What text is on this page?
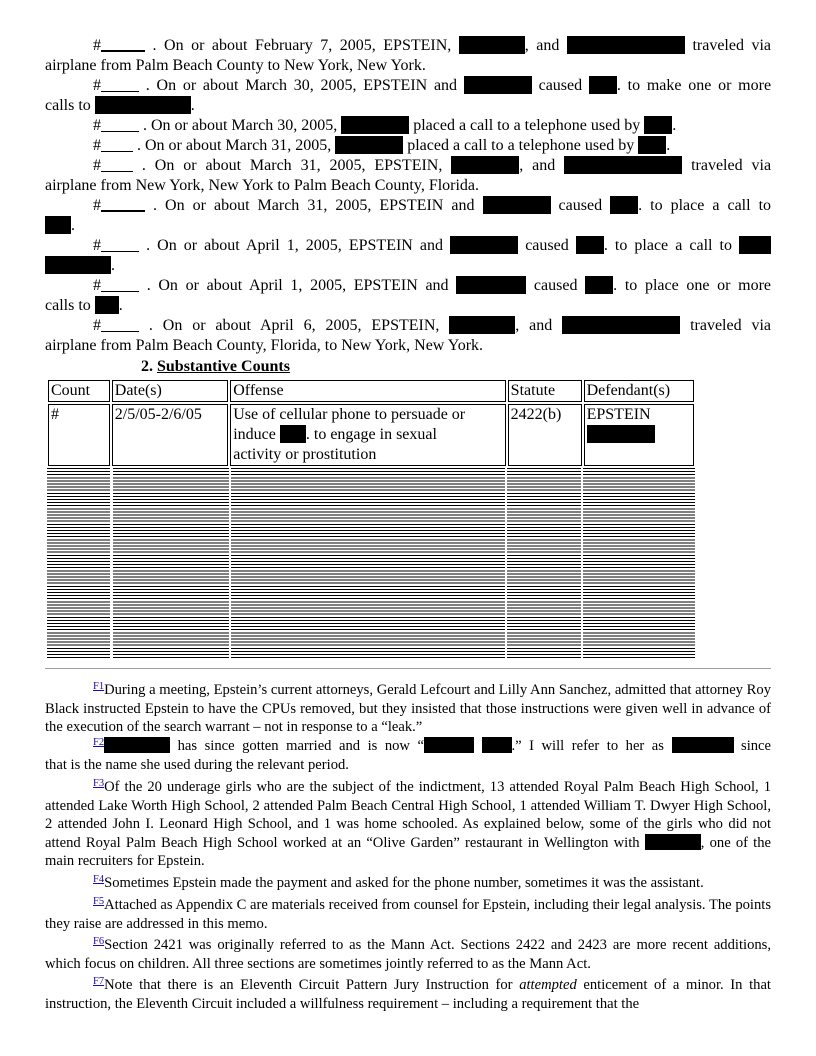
#	. On or about February 7, 2005, EPSTEIN,	, and	traveled via
airplane from Palm Beach County to New York, New York.
#	. On or about March 30, 2005, EPSTEIN and	caused . to make one or more
calls to	.
#	. On or about March 30, 2005,	placed a call to a telephone used by .
# . On or about March 31, 2005,	placed a call to a telephone used by .
#	. On or about March 31, 2005, EPSTEIN,	, and	traveled via
airplane from New York, New York to Palm Beach County, Florida.
#	. On or about March 31, 2005, EPSTEIN and	caused . to place a call to
.
#	. On or about April 1, 2005, EPSTEIN and	caused . to place a call to
.
#	. On or about April 1, 2005, EPSTEIN and	caused . to place one or more
calls to .
#	. On or about April 6, 2005, EPSTEIN,	, and	traveled via
airplane from Palm Beach County, Florida, to New York, New York.
2. Substantive Counts
Count	Date(s)	Offense	Statute	Defendant(s)
#	2/5/05-2/6/05	Use of cellular phone to persuade or
induce . to engage in sexual
activity or prostitution	2422(b)	EPSTEIN

$^{F1}$During a meeting, Epstein’s current attorneys, Gerald Lefcourt and Lilly Ann Sanchez, admitted that attorney Roy Black instructed Epstein to have the CPUs removed, but they insisted that those instructions were given well in advance of the execution of the search warrant – not in response to a “leak.”
$^{F2}$	has since gotten married and is now “	.” I will refer to her as	since
that is the name she used during the relevant period.
$^{F3}$Of the 20 underage girls who are the subject of the indictment, 13 attended Royal Palm Beach High School, 1 attended Lake Worth High School, 2 attended Palm Beach Central High School, 1 attended William T. Dwyer High School, 2 attended John I. Leonard High School, and 1 was home schooled. As explained below, some of the girls who did not attend Royal Palm Beach High School worked at an “Olive Garden” restaurant in Wellington with	, one of the main recruiters for Epstein.
$^{F4}$Sometimes Epstein made the payment and asked for the phone number, sometimes it was the assistant.
$^{F5}$Attached as Appendix C are materials received from counsel for Epstein, including their legal analysis. The points they raise are addressed in this memo.
$^{F6}$Section 2421 was originally referred to as the Mann Act. Sections 2422 and 2423 are more recent additions, which focus on children. All three sections are sometimes jointly referred to as the Mann Act.
$^{F7}$Note that there is an Eleventh Circuit Pattern Jury Instruction for attempted enticement of a minor. In that instruction, the Eleventh Circuit included a willfulness requirement – including a requirement that the
